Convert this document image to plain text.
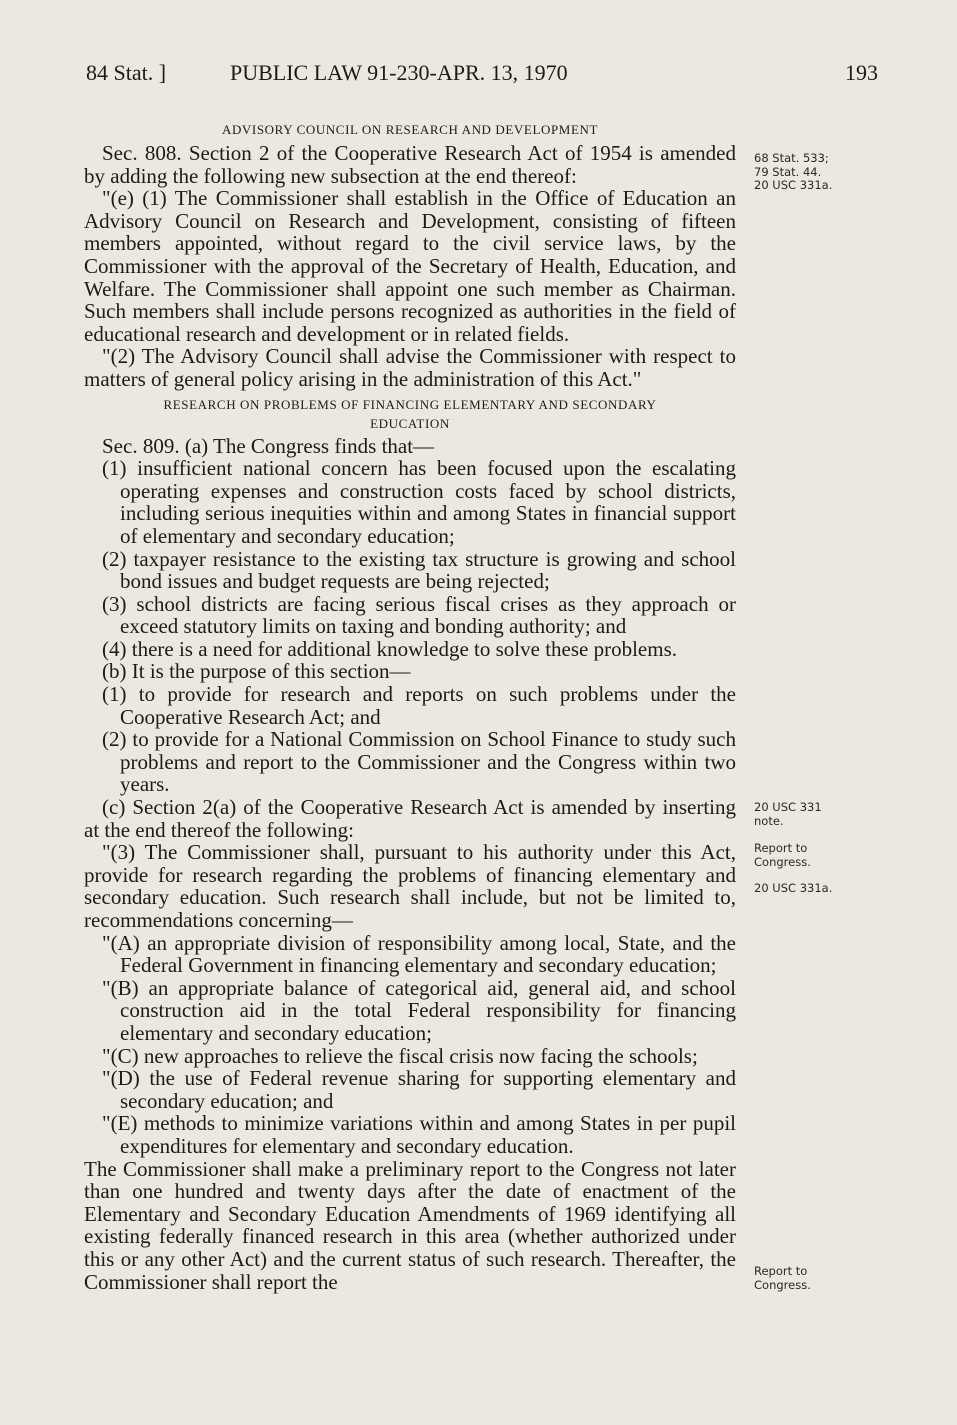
84 Stat. ]	PUBLIC LAW 91-230-APR. 13, 1970	193
ADVISORY COUNCIL ON RESEARCH AND DEVELOPMENT

Sec. 808. Section 2 of the Cooperative Research Act of 1954 is amended by adding the following new subsection at the end thereof:

"(e) (1) The Commissioner shall establish in the Office of Education an Advisory Council on Research and Development, consisting of fifteen members appointed, without regard to the civil service laws, by the Commissioner with the approval of the Secretary of Health, Education, and Welfare. The Commissioner shall appoint one such member as Chairman. Such members shall include persons recognized as authorities in the field of educational research and development or in related fields.

"(2) The Advisory Council shall advise the Commissioner with respect to matters of general policy arising in the administration of this Act."

RESEARCH ON PROBLEMS OF FINANCING ELEMENTARY AND SECONDARY
EDUCATION

Sec. 809. (a) The Congress finds that—

(1) insufficient national concern has been focused upon the escalating operating expenses and construction costs faced by school districts, including serious inequities within and among States in financial support of elementary and secondary education;

(2) taxpayer resistance to the existing tax structure is growing and school bond issues and budget requests are being rejected;

(3) school districts are facing serious fiscal crises as they approach or exceed statutory limits on taxing and bonding authority; and

(4) there is a need for additional knowledge to solve these problems.

(b) It is the purpose of this section—

(1) to provide for research and reports on such problems under the Cooperative Research Act; and

(2) to provide for a National Commission on School Finance to study such problems and report to the Commissioner and the Congress within two years.

(c) Section 2(a) of the Cooperative Research Act is amended by inserting at the end thereof the following:

"(3) The Commissioner shall, pursuant to his authority under this Act, provide for research regarding the problems of financing elementary and secondary education. Such research shall include, but not be limited to, recommendations concerning—

"(A) an appropriate division of responsibility among local, State, and the Federal Government in financing elementary and secondary education;

"(B) an appropriate balance of categorical aid, general aid, and school construction aid in the total Federal responsibility for financing elementary and secondary education;

"(C) new approaches to relieve the fiscal crisis now facing the schools;

"(D) the use of Federal revenue sharing for supporting elementary and secondary education; and

"(E) methods to minimize variations within and among States in per pupil expenditures for elementary and secondary education.

The Commissioner shall make a preliminary report to the Congress not later than one hundred and twenty days after the date of enactment of the Elementary and Secondary Education Amendments of 1969 identifying all existing federally financed research in this area (whether authorized under this or any other Act) and the current status of such research. Thereafter, the Commissioner shall report the

68 Stat. 533;
79 Stat. 44.
20 USC 331a.
20 USC 331
note.
Report to
Congress.
20 USC 331a.
Report to
Congress.
